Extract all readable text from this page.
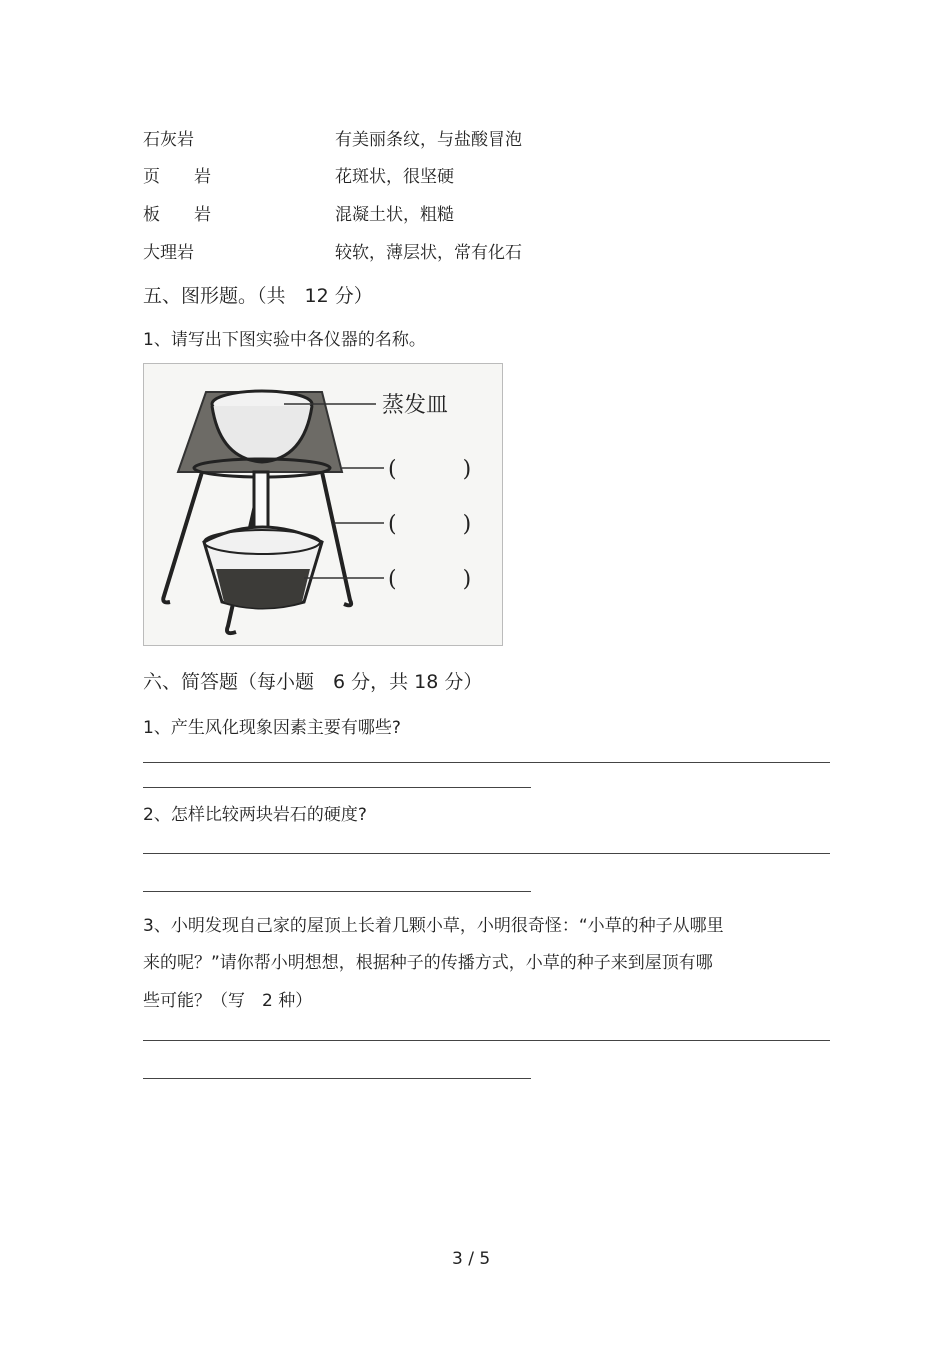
石灰岩	有美丽条纹，与盐酸冒泡
页　　岩	花斑状，很坚硬
板　　岩	混凝土状，粗糙
大理岩	较软，薄层状，常有化石
五、图形题。（共　12 分）
1、请写出下图实验中各仪器的名称。
蒸发皿
(　　　)
(　　　)
(　　　)
六、简答题（每小题　6 分，共 18 分）
1、产生风化现象因素主要有哪些?
2、怎样比较两块岩石的硬度?
3、小明发现自己家的屋顶上长着几颗小草，小明很奇怪：“小草的种子从哪里
来的呢？”请你帮小明想想，根据种子的传播方式，小草的种子来到屋顶有哪
些可能？（写　2 种）
3 / 5
